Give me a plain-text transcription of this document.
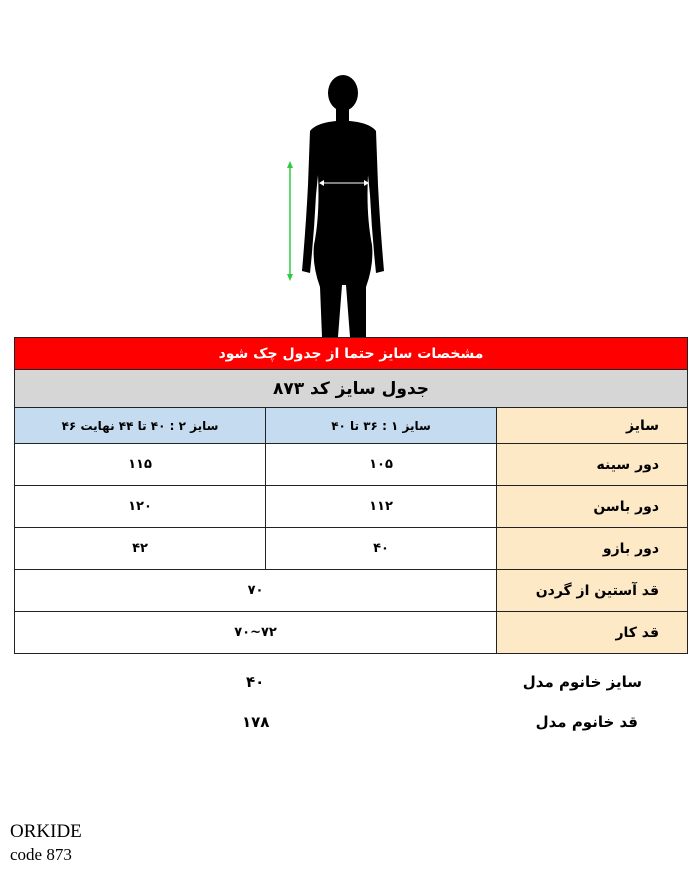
مشخصات سایز حتما از جدول چک شود		
جدول سایز کد ۸۷۳		
سایز	سایز ۱ : ۳۶ تا ۴۰	سایز ۲ : ۴۰ تا ۴۴ نهایت ۴۶
دور سینه	۱۰۵	۱۱۵
دور باسن	۱۱۲	۱۲۰
دور بازو	۴۰	۴۲
قد آستین از گردن	۷۰	
قد کار	۷۲~۷۰	
سایز خانوم مدل
۴۰
قد خانوم مدل
۱۷۸
ORKIDE
code 873
